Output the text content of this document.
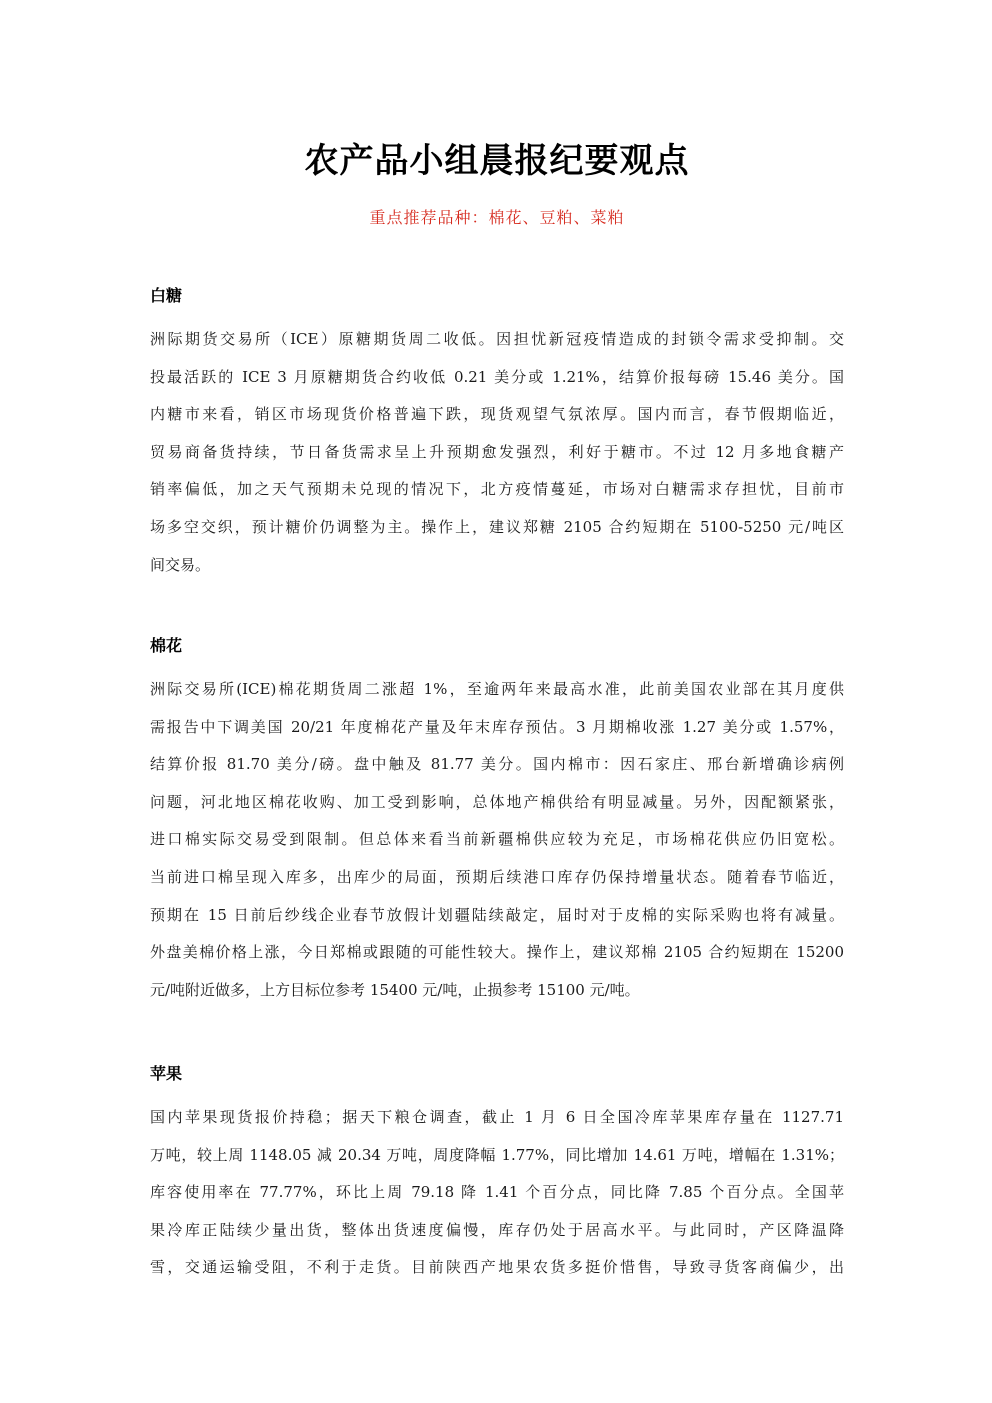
农产品小组晨报纪要观点

重点推荐品种：棉花、豆粕、菜粕

白糖
洲际期货交易所（ICE）原糖期货周二收低。因担忧新冠疫情造成的封锁令需求受抑制。交
投最活跃的 ICE 3 月原糖期货合约收低 0.21 美分或 1.21%，结算价报每磅 15.46 美分。国
内糖市来看，销区市场现货价格普遍下跌，现货观望气氛浓厚。国内而言，春节假期临近，
贸易商备货持续，节日备货需求呈上升预期愈发强烈，利好于糖市。不过 12 月多地食糖产
销率偏低，加之天气预期未兑现的情况下，北方疫情蔓延，市场对白糖需求存担忧，目前市
场多空交织，预计糖价仍调整为主。操作上，建议郑糖 2105 合约短期在 5100-5250 元/吨区
间交易。
棉花
洲际交易所(ICE)棉花期货周二涨超 1%，至逾两年来最高水准，此前美国农业部在其月度供
需报告中下调美国 20/21 年度棉花产量及年末库存预估。3 月期棉收涨 1.27 美分或 1.57%，
结算价报 81.70 美分/磅。盘中触及 81.77 美分。国内棉市：因石家庄、邢台新增确诊病例
问题，河北地区棉花收购、加工受到影响，总体地产棉供给有明显减量。另外，因配额紧张，
进口棉实际交易受到限制。但总体来看当前新疆棉供应较为充足，市场棉花供应仍旧宽松。
当前进口棉呈现入库多，出库少的局面，预期后续港口库存仍保持增量状态。随着春节临近，
预期在 15 日前后纱线企业春节放假计划疆陆续敲定，届时对于皮棉的实际采购也将有减量。
外盘美棉价格上涨，今日郑棉或跟随的可能性较大。操作上，建议郑棉 2105 合约短期在 15200
元/吨附近做多，上方目标位参考 15400 元/吨，止损参考 15100 元/吨。
苹果
国内苹果现货报价持稳；据天下粮仓调查，截止 1 月 6 日全国冷库苹果库存量在 1127.71
万吨，较上周 1148.05 减 20.34 万吨，周度降幅 1.77%，同比增加 14.61 万吨，增幅在 1.31%；
库容使用率在 77.77%，环比上周 79.18 降 1.41 个百分点，同比降 7.85 个百分点。全国苹
果冷库正陆续少量出货，整体出货速度偏慢，库存仍处于居高水平。与此同时，产区降温降
雪，交通运输受阻，不利于走货。目前陕西产地果农货多挺价惜售，导致寻货客商偏少，出
